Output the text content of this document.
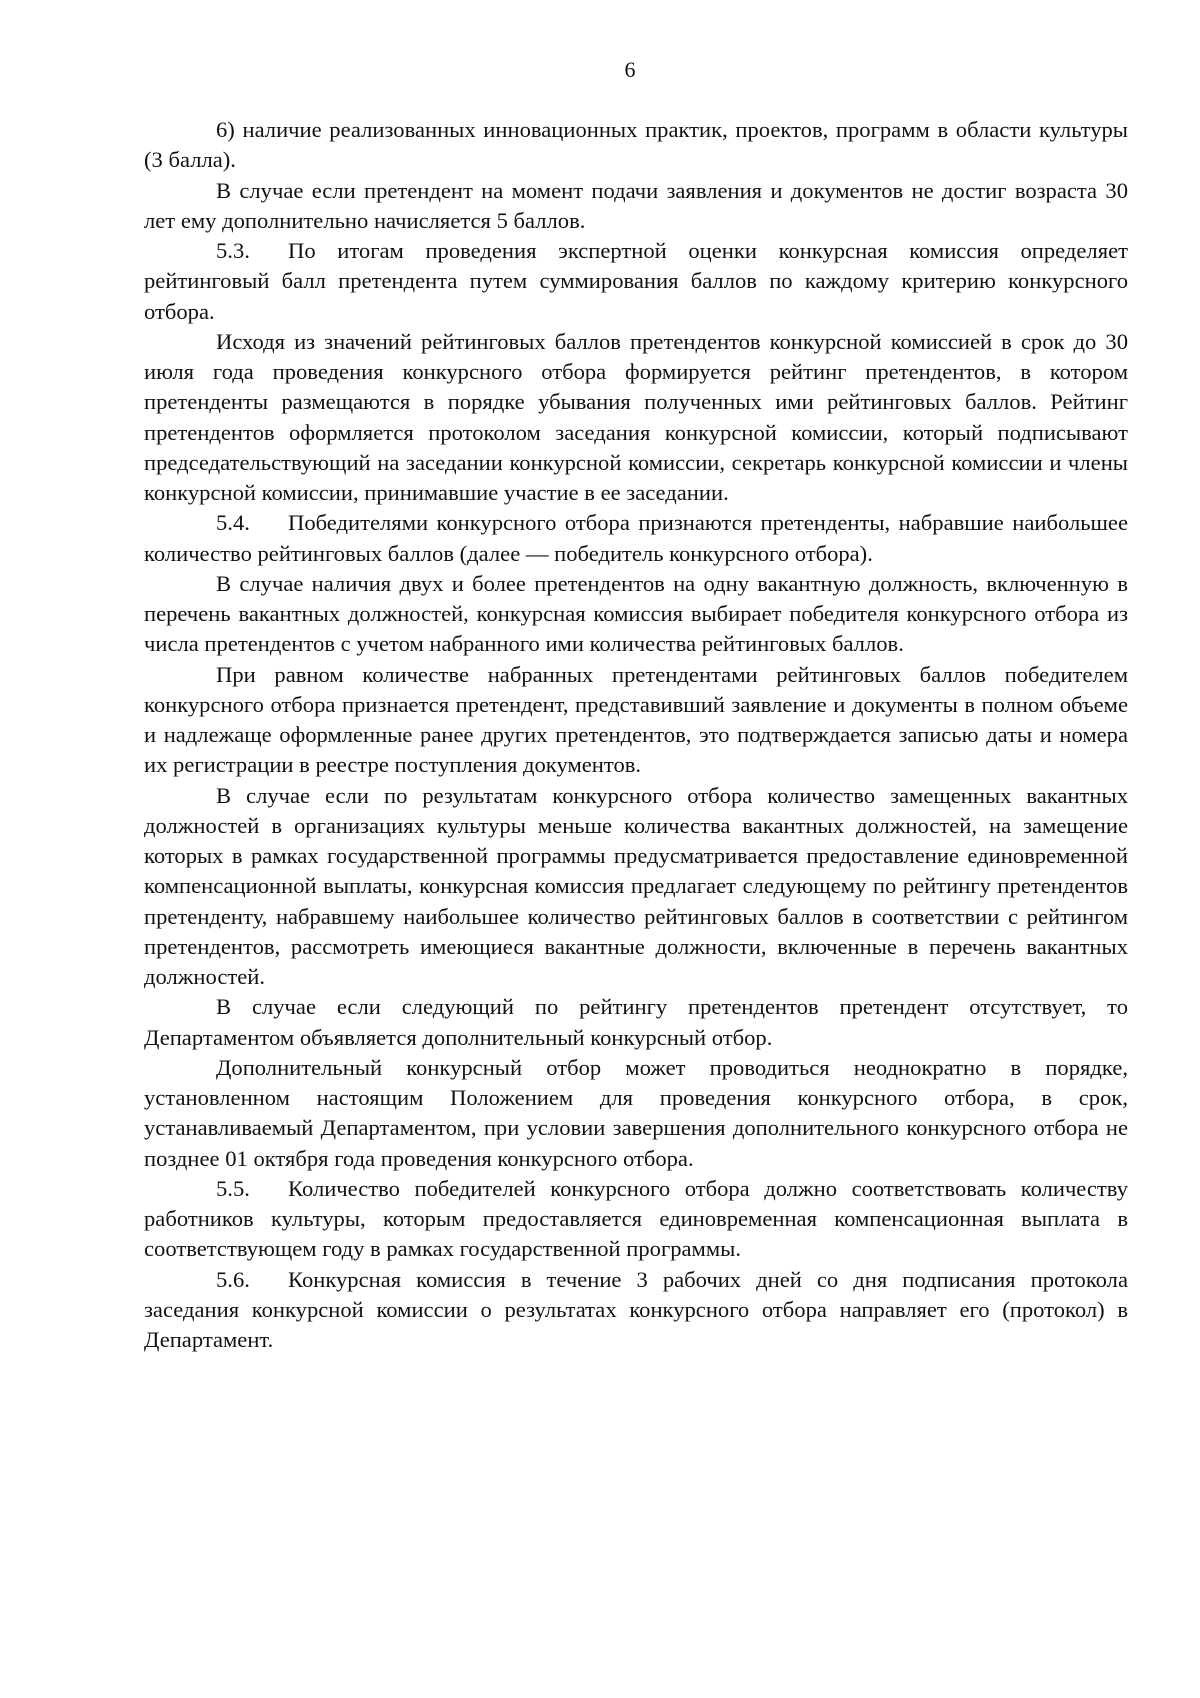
6

6) наличие реализованных инновационных практик, проектов, программ в области культуры (3 балла).

В случае если претендент на момент подачи заявления и документов не достиг возраста 30 лет ему дополнительно начисляется 5 баллов.

5.3. По итогам проведения экспертной оценки конкурсная комиссия определяет рейтинговый балл претендента путем суммирования баллов по каждому критерию конкурсного отбора.

Исходя из значений рейтинговых баллов претендентов конкурсной комиссией в срок до 30 июля года проведения конкурсного отбора формируется рейтинг претендентов, в котором претенденты размещаются в порядке убывания полученных ими рейтинговых баллов. Рейтинг претендентов оформляется протоколом заседания конкурсной комиссии, который подписывают председательствующий на заседании конкурсной комиссии, секретарь конкурсной комиссии и члены конкурсной комиссии, принимавшие участие в ее заседании.

5.4. Победителями конкурсного отбора признаются претенденты, набравшие наибольшее количество рейтинговых баллов (далее — победитель конкурсного отбора).

В случае наличия двух и более претендентов на одну вакантную должность, включенную в перечень вакантных должностей, конкурсная комиссия выбирает победителя конкурсного отбора из числа претендентов с учетом набранного ими количества рейтинговых баллов.

При равном количестве набранных претендентами рейтинговых баллов победителем конкурсного отбора признается претендент, представивший заявление и документы в полном объеме и надлежаще оформленные ранее других претендентов, это подтверждается записью даты и номера их регистрации в реестре поступления документов.

В случае если по результатам конкурсного отбора количество замещенных вакантных должностей в организациях культуры меньше количества вакантных должностей, на замещение которых в рамках государственной программы предусматривается предоставление единовременной компенсационной выплаты, конкурсная комиссия предлагает следующему по рейтингу претендентов претенденту, набравшему наибольшее количество рейтинговых баллов в соответствии с рейтингом претендентов, рассмотреть имеющиеся вакантные должности, включенные в перечень вакантных должностей.

В случае если следующий по рейтингу претендентов претендент отсутствует, то Департаментом объявляется дополнительный конкурсный отбор.

Дополнительный конкурсный отбор может проводиться неоднократно в порядке, установленном настоящим Положением для проведения конкурсного отбора, в срок, устанавливаемый Департаментом, при условии завершения дополнительного конкурсного отбора не позднее 01 октября года проведения конкурсного отбора.

5.5. Количество победителей конкурсного отбора должно соответствовать количеству работников культуры, которым предоставляется единовременная компенсационная выплата в соответствующем году в рамках государственной программы.

5.6. Конкурсная комиссия в течение 3 рабочих дней со дня подписания протокола заседания конкурсной комиссии о результатах конкурсного отбора направляет его (протокол) в Департамент.
